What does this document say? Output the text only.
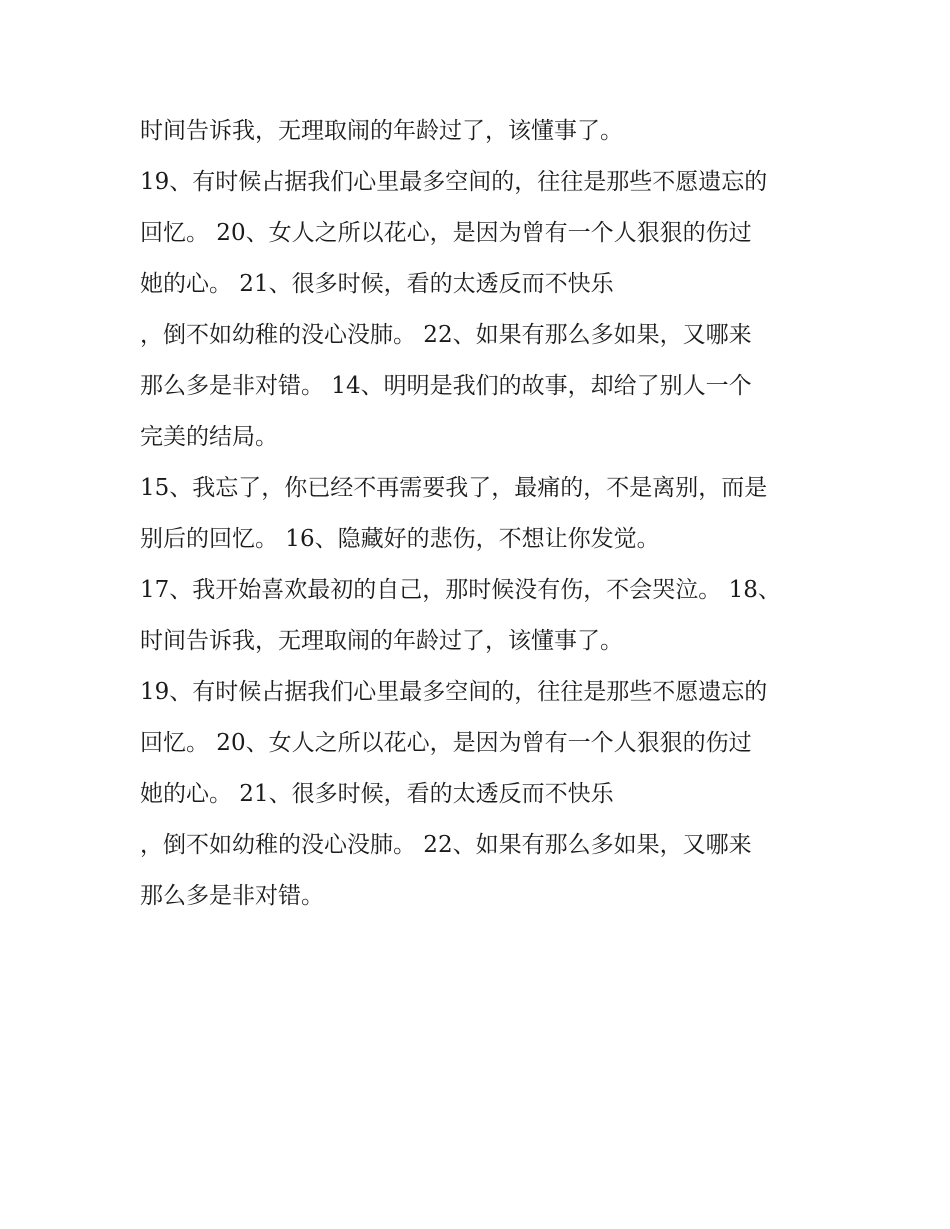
时间告诉我，无理取闹的年龄过了，该懂事了。
19、有时候占据我们心里最多空间的，往往是那些不愿遗忘的
回忆。 20、女人之所以花心，是因为曾有一个人狠狠的伤过
她的心。 21、很多时候，看的太透反而不快乐
，倒不如幼稚的没心没肺。 22、如果有那么多如果，又哪来
那么多是非对错。 14、明明是我们的故事，却给了别人一个
完美的结局。
15、我忘了，你已经不再需要我了，最痛的，不是离别，而是
别后的回忆。 16、隐藏好的悲伤，不想让你发觉。
17、我开始喜欢最初的自己，那时候没有伤，不会哭泣。 18、
时间告诉我，无理取闹的年龄过了，该懂事了。
19、有时候占据我们心里最多空间的，往往是那些不愿遗忘的
回忆。 20、女人之所以花心，是因为曾有一个人狠狠的伤过
她的心。 21、很多时候，看的太透反而不快乐
，倒不如幼稚的没心没肺。 22、如果有那么多如果，又哪来
那么多是非对错。
